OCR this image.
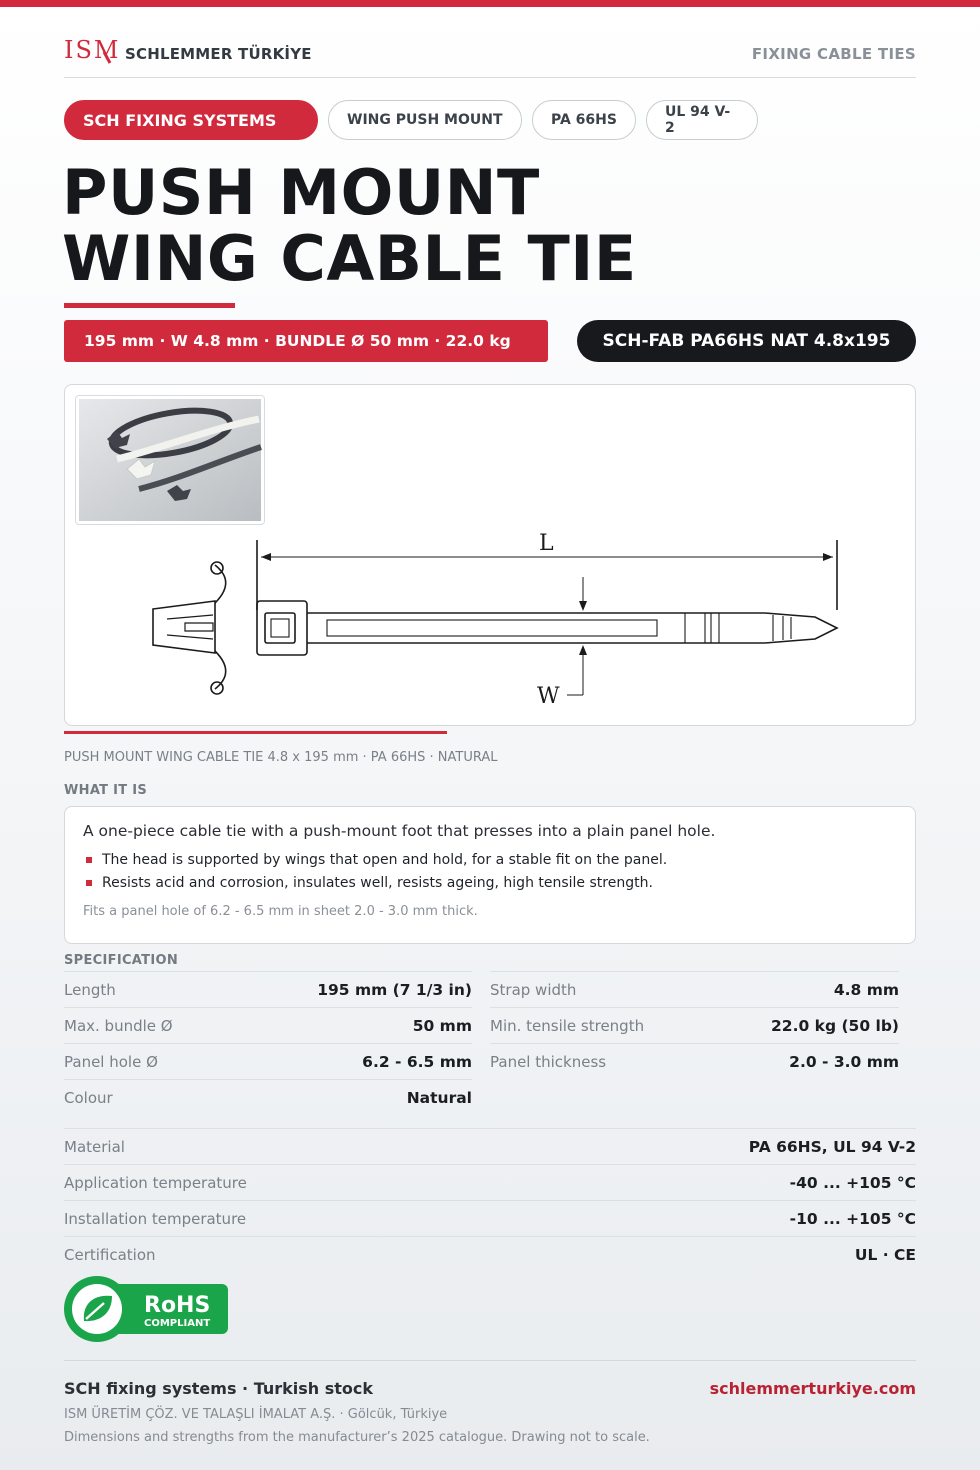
ISM SCHLEMMER TÜRKİYE	FIXING CABLE TIES
SCH FIXING SYSTEMS	WING PUSH MOUNT	PA 66HS	UL 94 V-2
PUSH MOUNT
WING CABLE TIE
195 mm · W 4.8 mm · BUNDLE Ø 50 mm · 22.0 kg	SCH-FAB PA66HS NAT 4.8x195
L
W
PUSH MOUNT WING CABLE TIE 4.8 x 195 mm · PA 66HS · NATURAL
WHAT IT IS
A one-piece cable tie with a push-mount foot that presses into a plain panel hole.
The head is supported by wings that open and hold, for a stable fit on the panel.
Resists acid and corrosion, insulates well, resists ageing, high tensile strength.
Fits a panel hole of 6.2 - 6.5 mm in sheet 2.0 - 3.0 mm thick.
SPECIFICATION
Length	195 mm (7 1/3 in)
Max. bundle Ø	50 mm
Panel hole Ø	6.2 - 6.5 mm
Colour	Natural
Strap width	4.8 mm
Min. tensile strength	22.0 kg (50 lb)
Panel thickness	2.0 - 3.0 mm
Material	PA 66HS, UL 94 V-2
Application temperature	-40 ... +105 °C
Installation temperature	-10 ... +105 °C
Certification	UL · CE
RoHS
COMPLIANT
SCH fixing systems · Turkish stock	schlemmerturkiye.com
ISM ÜRETİM ÇÖZ. VE TALAŞLI İMALAT A.Ş. · Gölcük, Türkiye
Dimensions and strengths from the manufacturer’s 2025 catalogue. Drawing not to scale.
